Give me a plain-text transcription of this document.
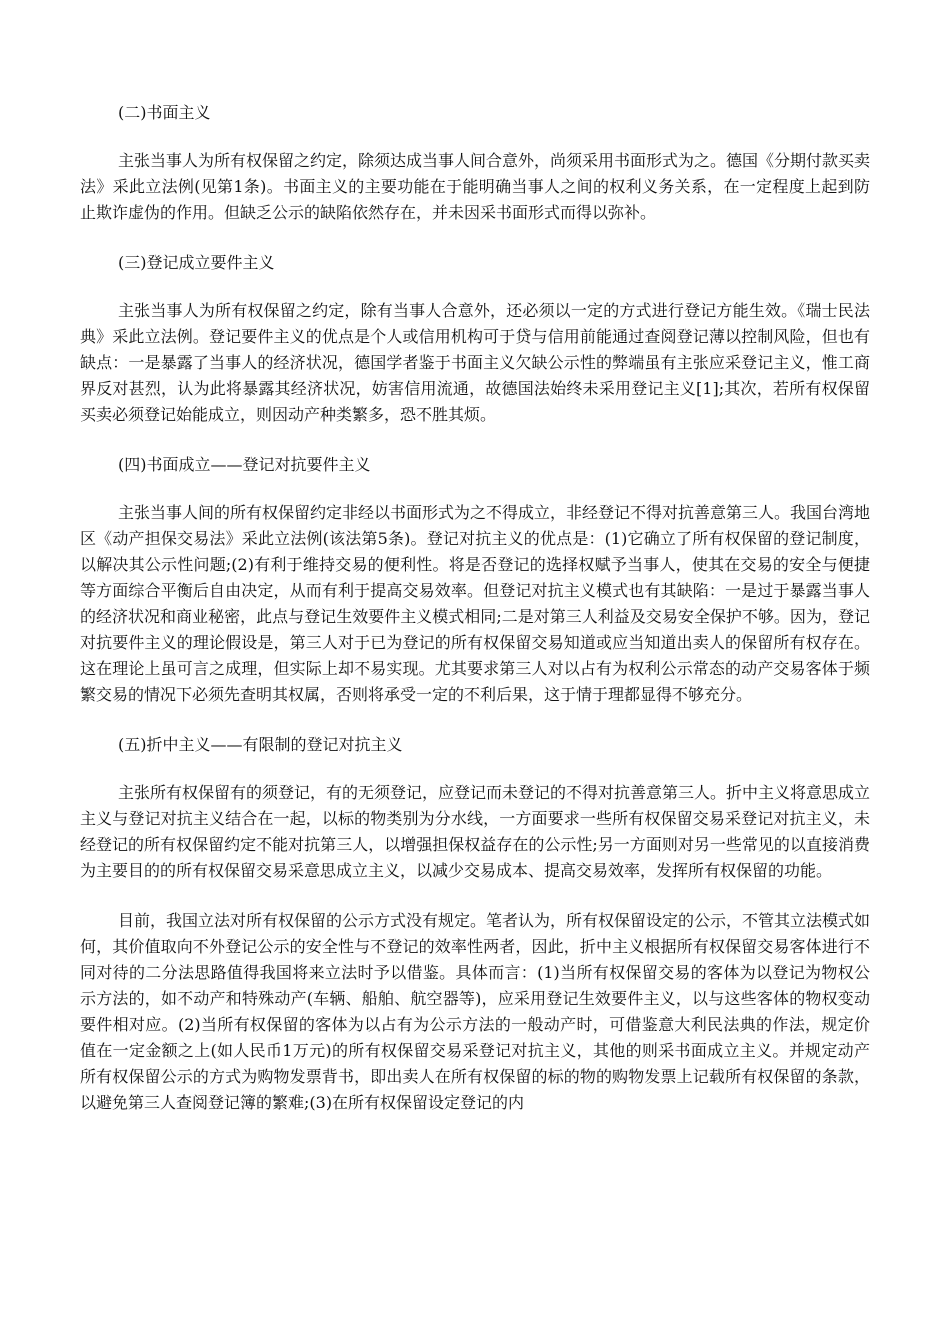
(二)书面主义
主张当事人为所有权保留之约定，除须达成当事人间合意外，尚须采用书面形式为之。德国《分期付款买卖法》采此立法例(见第1条)。书面主义的主要功能在于能明确当事人之间的权利义务关系，在一定程度上起到防止欺诈虚伪的作用。但缺乏公示的缺陷依然存在，并未因采书面形式而得以弥补。
(三)登记成立要件主义
主张当事人为所有权保留之约定，除有当事人合意外，还必须以一定的方式进行登记方能生效。《瑞士民法典》采此立法例。登记要件主义的优点是个人或信用机构可于贷与信用前能通过查阅登记薄以控制风险，但也有缺点：一是暴露了当事人的经济状况，德国学者鉴于书面主义欠缺公示性的弊端虽有主张应采登记主义，惟工商界反对甚烈，认为此将暴露其经济状况，妨害信用流通，故德国法始终未采用登记主义[1];其次，若所有权保留买卖必须登记始能成立，则因动产种类繁多，恐不胜其烦。
(四)书面成立——登记对抗要件主义
主张当事人间的所有权保留约定非经以书面形式为之不得成立，非经登记不得对抗善意第三人。我国台湾地区《动产担保交易法》采此立法例(该法第5条)。登记对抗主义的优点是：(1)它确立了所有权保留的登记制度，以解决其公示性问题;(2)有利于维持交易的便利性。将是否登记的选择权赋予当事人，使其在交易的安全与便捷等方面综合平衡后自由决定，从而有利于提高交易效率。但登记对抗主义模式也有其缺陷：一是过于暴露当事人的经济状况和商业秘密，此点与登记生效要件主义模式相同;二是对第三人利益及交易安全保护不够。因为，登记对抗要件主义的理论假设是，第三人对于已为登记的所有权保留交易知道或应当知道出卖人的保留所有权存在。这在理论上虽可言之成理，但实际上却不易实现。尤其要求第三人对以占有为权利公示常态的动产交易客体于频繁交易的情况下必须先查明其权属，否则将承受一定的不利后果，这于情于理都显得不够充分。
(五)折中主义——有限制的登记对抗主义
主张所有权保留有的须登记，有的无须登记，应登记而未登记的不得对抗善意第三人。折中主义将意思成立主义与登记对抗主义结合在一起，以标的物类别为分水线，一方面要求一些所有权保留交易采登记对抗主义，未经登记的所有权保留约定不能对抗第三人，以增强担保权益存在的公示性;另一方面则对另一些常见的以直接消费为主要目的的所有权保留交易采意思成立主义，以减少交易成本、提高交易效率，发挥所有权保留的功能。
目前，我国立法对所有权保留的公示方式没有规定。笔者认为，所有权保留设定的公示，不管其立法模式如何，其价值取向不外登记公示的安全性与不登记的效率性两者，因此，折中主义根据所有权保留交易客体进行不同对待的二分法思路值得我国将来立法时予以借鉴。具体而言：(1)当所有权保留交易的客体为以登记为物权公示方法的，如不动产和特殊动产(车辆、船舶、航空器等)，应采用登记生效要件主义，以与这些客体的物权变动要件相对应。(2)当所有权保留的客体为以占有为公示方法的一般动产时，可借鉴意大利民法典的作法，规定价值在一定金额之上(如人民币1万元)的所有权保留交易采登记对抗主义，其他的则采书面成立主义。并规定动产所有权保留公示的方式为购物发票背书，即出卖人在所有权保留的标的物的购物发票上记载所有权保留的条款，以避免第三人查阅登记簿的繁难;(3)在所有权保留设定登记的内
